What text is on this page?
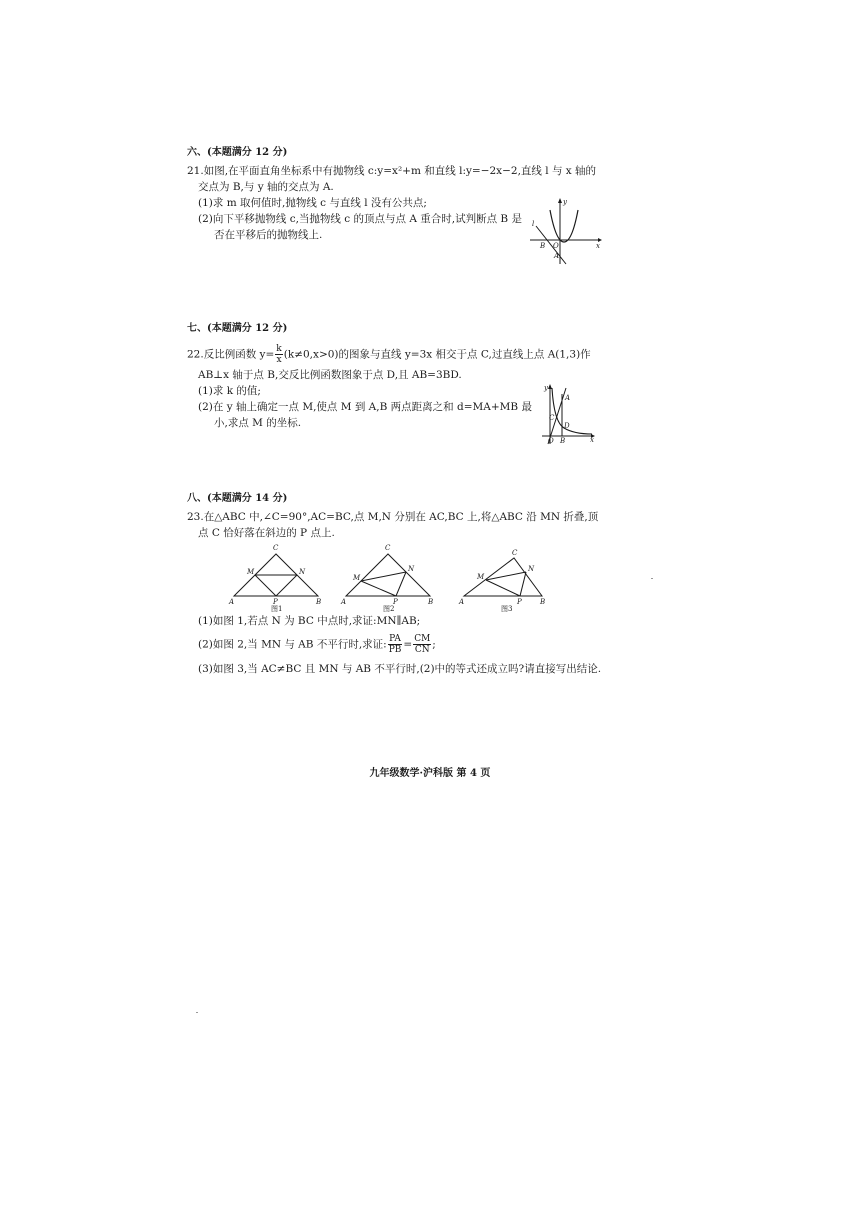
六、(本题满分 12 分)
21.如图,在平面直角坐标系中有抛物线 c:y=x²+m 和直线 l:y=−2x−2,直线 l 与 x 轴的
交点为 B,与 y 轴的交点为 A.
(1)求 m 取何值时,抛物线 c 与直线 l 没有公共点;
(2)向下平移抛物线 c,当抛物线 c 的顶点与点 A 重合时,试判断点 B 是
否在平移后的抛物线上.
y
x
l
B O
A
七、(本题满分 12 分)
22.反比例函数 $y= \frac{k}{x} (k\ne 0,x>0)$的图象与直线 y=3x 相交于点 C,过直线上点 A(1,3)作
AB⊥x 轴于点 B,交反比例函数图象于点 D,且 AB=3BD.
(1)求 k 的值;
(2)在 y 轴上确定一点 M,使点 M 到 A,B 两点距离之和 d=MA+MB 最
小,求点 M 的坐标.
y
x
A
C
D
O B
八、(本题满分 14 分)
23.在△ABC 中,∠C=90°,AC=BC,点 M,N 分别在 AC,BC 上,将△ABC 沿 MN 折叠,顶
点 C 恰好落在斜边的 P 点上.
C
M	N
A	P	B
图1
C
M
N
A	P	B
图2
C
M
N
A	P	B
图3
(1)如图 1,若点 N 为 BC 中点时,求证:MN∥AB;
(2)如图 2,当 MN 与 AB 不平行时,求证: $\frac{PA}{PB} = \frac{CM}{CN}$ ;
(3)如图 3,当 AC≠BC 且 MN 与 AB 不平行时,(2)中的等式还成立吗?请直接写出结论.
九年级数学·沪科版 第 4 页
